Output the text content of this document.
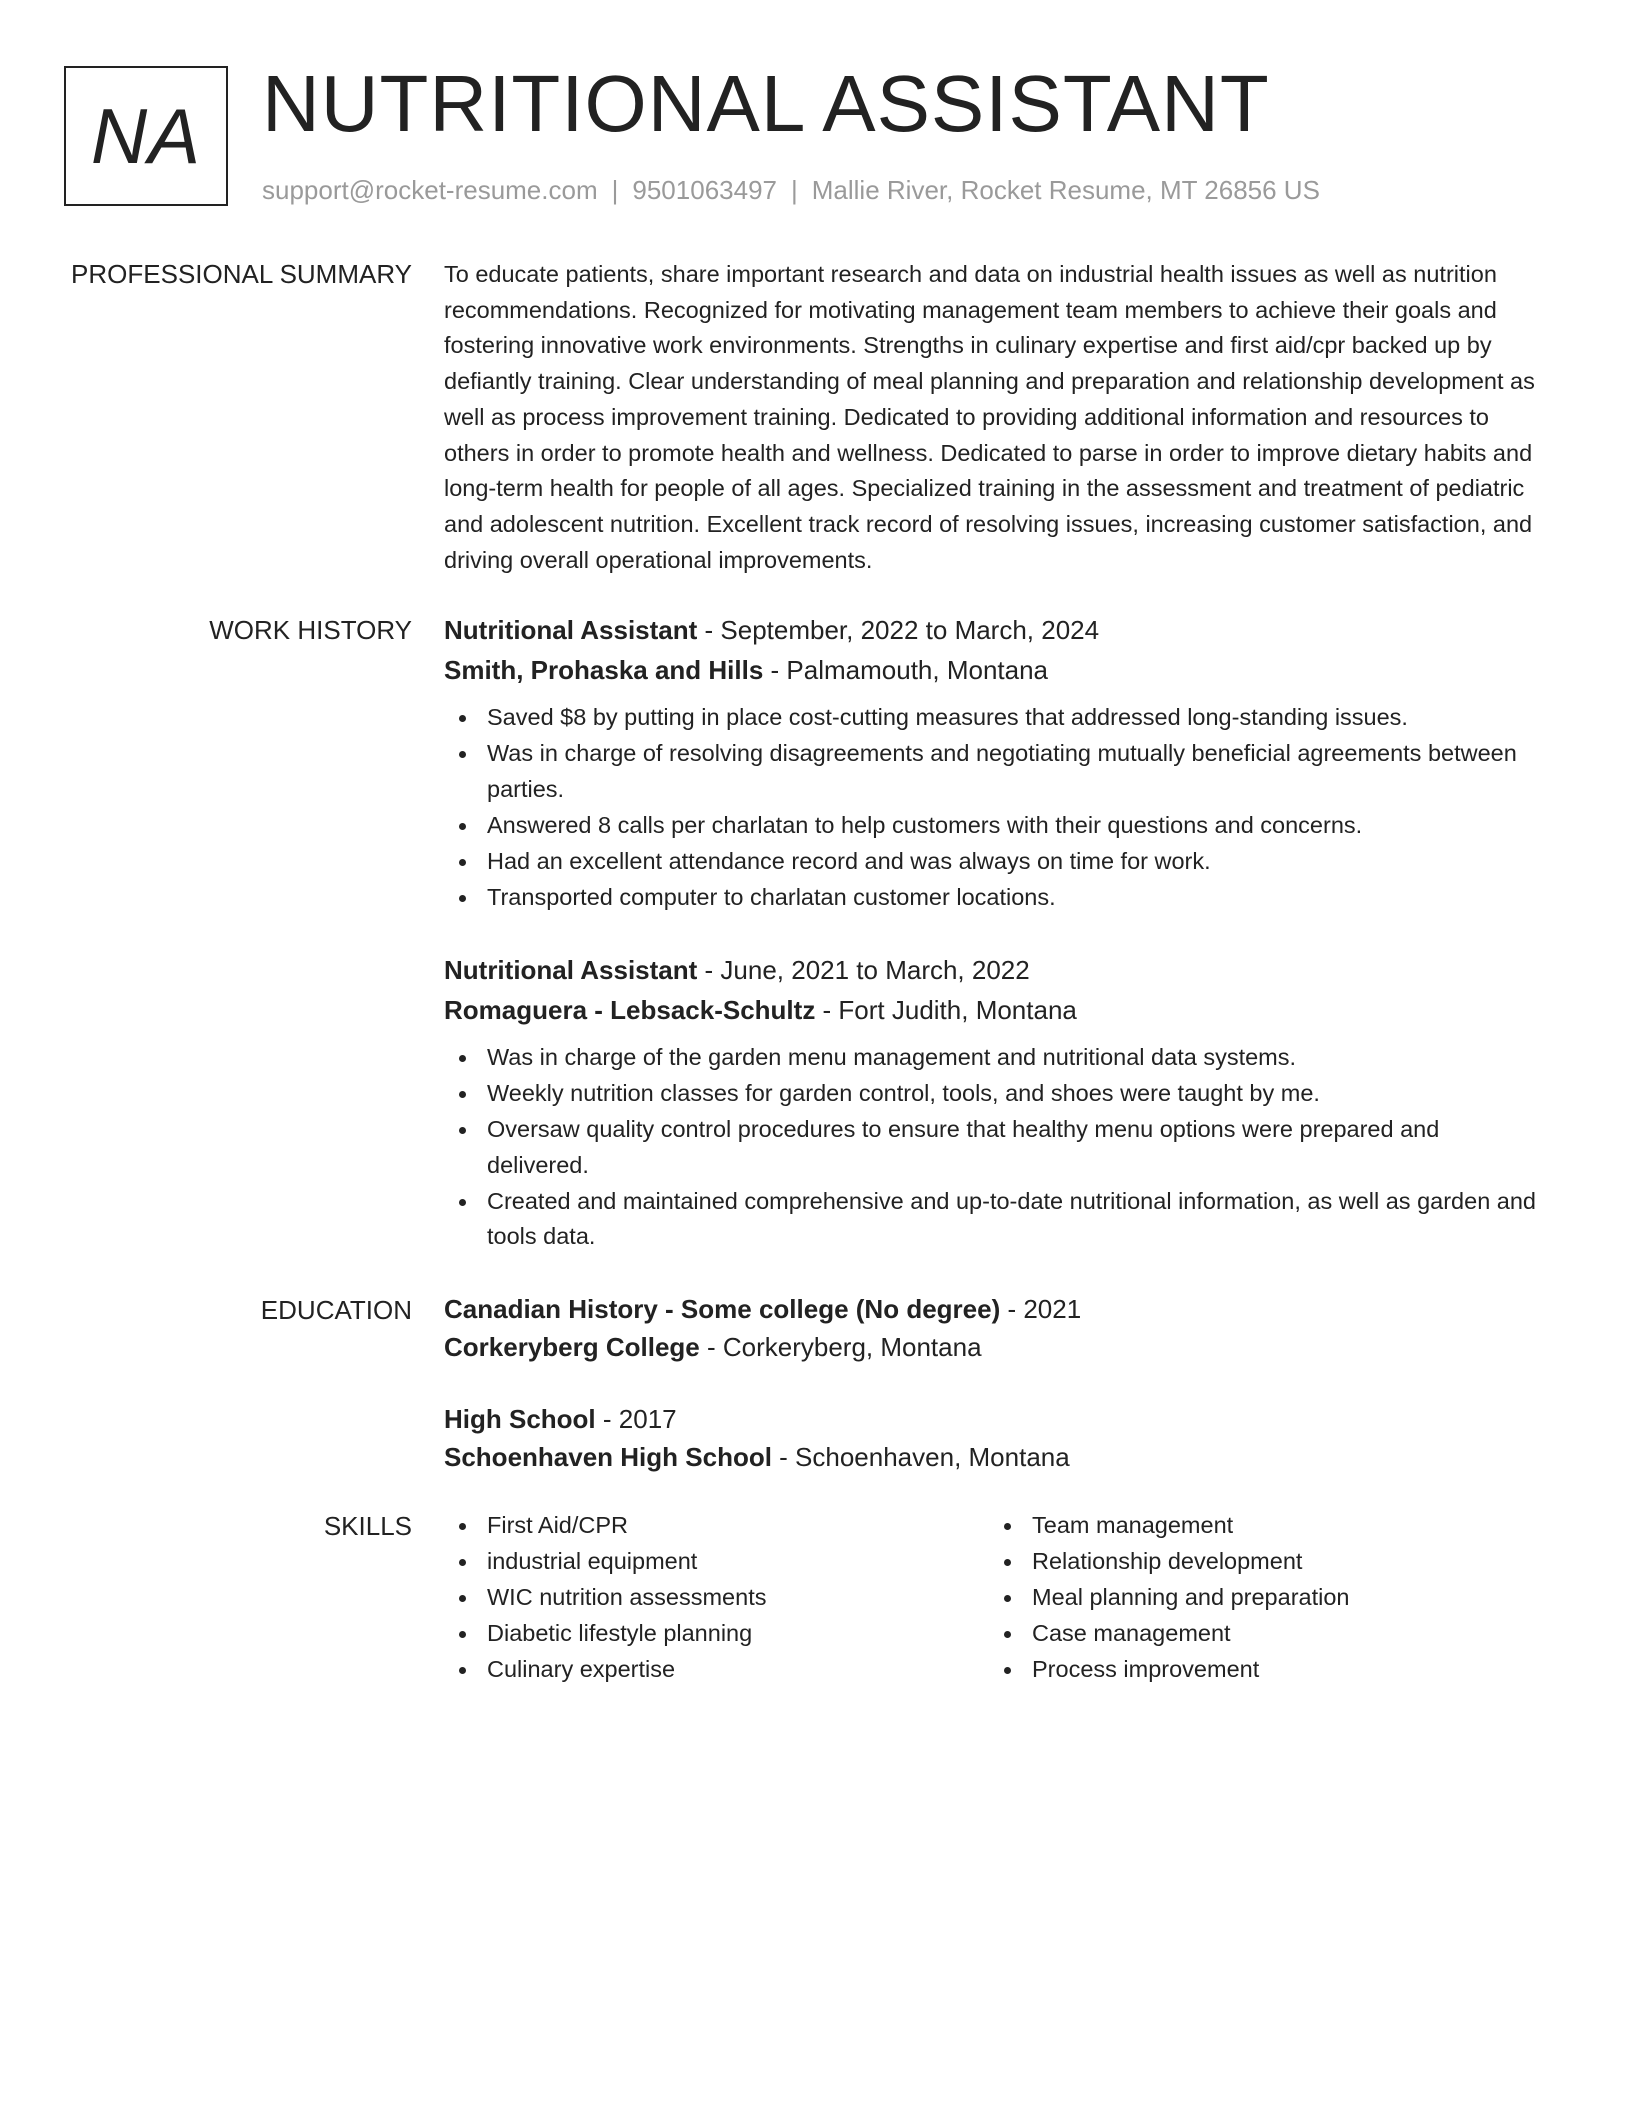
NA NUTRITIONAL ASSISTANT
support@rocket-resume.com | 9501063497 | Mallie River, Rocket Resume, MT 26856 US
PROFESSIONAL SUMMARY To educate patients, share important research and data on industrial health issues as well as nutrition recommendations. Recognized for motivating management team members to achieve their goals and fostering innovative work environments. Strengths in culinary expertise and first aid/cpr backed up by defiantly training. Clear understanding of meal planning and preparation and relationship development as well as process improvement training. Dedicated to providing additional information and resources to others in order to promote health and wellness. Dedicated to parse in order to improve dietary habits and long-term health for people of all ages. Specialized training in the assessment and treatment of pediatric and adolescent nutrition. Excellent track record of resolving issues, increasing customer satisfaction, and driving overall operational improvements.

WORK HISTORY Nutritional Assistant - September, 2022 to March, 2024
Smith, Prohaska and Hills - Palmamouth, Montana
Saved $8 by putting in place cost-cutting measures that addressed long-standing issues.
Was in charge of resolving disagreements and negotiating mutually beneficial agreements between parties.
Answered 8 calls per charlatan to help customers with their questions and concerns.
Had an excellent attendance record and was always on time for work.
Transported computer to charlatan customer locations.
Nutritional Assistant - June, 2021 to March, 2022
Romaguera - Lebsack-Schultz - Fort Judith, Montana
Was in charge of the garden menu management and nutritional data systems.
Weekly nutrition classes for garden control, tools, and shoes were taught by me.
Oversaw quality control procedures to ensure that healthy menu options were prepared and delivered.
Created and maintained comprehensive and up-to-date nutritional information, as well as garden and tools data.
EDUCATION Canadian History - Some college (No degree) - 2021
Corkeryberg College - Corkeryberg, Montana
High School - 2017
Schoenhaven High School - Schoenhaven, Montana
SKILLS	First Aid/CPR
industrial equipment
WIC nutrition assessments
Diabetic lifestyle planning
Culinary expertise
Team management
Relationship development
Meal planning and preparation
Case management
Process improvement
